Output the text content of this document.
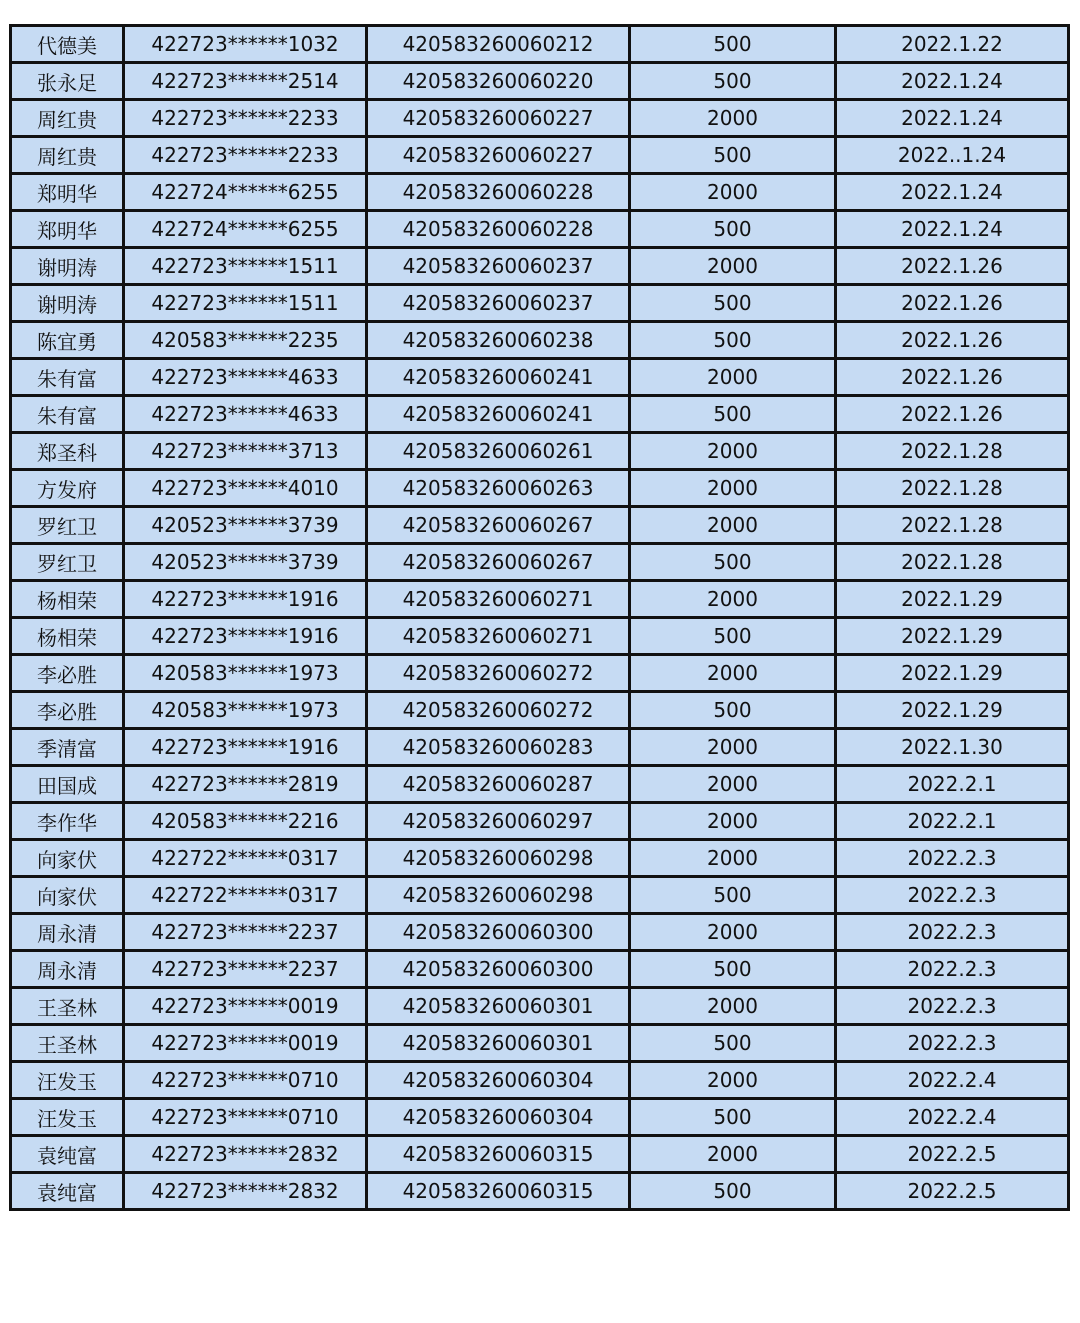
代德美	422723******1032	420583260060212	500	2022.1.22
张永足	422723******2514	420583260060220	500	2022.1.24
周红贵	422723******2233	420583260060227	2000	2022.1.24
周红贵	422723******2233	420583260060227	500	2022..1.24
郑明华	422724******6255	420583260060228	2000	2022.1.24
郑明华	422724******6255	420583260060228	500	2022.1.24
谢明涛	422723******1511	420583260060237	2000	2022.1.26
谢明涛	422723******1511	420583260060237	500	2022.1.26
陈宜勇	420583******2235	420583260060238	500	2022.1.26
朱有富	422723******4633	420583260060241	2000	2022.1.26
朱有富	422723******4633	420583260060241	500	2022.1.26
郑圣科	422723******3713	420583260060261	2000	2022.1.28
方发府	422723******4010	420583260060263	2000	2022.1.28
罗红卫	420523******3739	420583260060267	2000	2022.1.28
罗红卫	420523******3739	420583260060267	500	2022.1.28
杨相荣	422723******1916	420583260060271	2000	2022.1.29
杨相荣	422723******1916	420583260060271	500	2022.1.29
李必胜	420583******1973	420583260060272	2000	2022.1.29
李必胜	420583******1973	420583260060272	500	2022.1.29
季清富	422723******1916	420583260060283	2000	2022.1.30
田国成	422723******2819	420583260060287	2000	2022.2.1
李作华	420583******2216	420583260060297	2000	2022.2.1
向家伏	422722******0317	420583260060298	2000	2022.2.3
向家伏	422722******0317	420583260060298	500	2022.2.3
周永清	422723******2237	420583260060300	2000	2022.2.3
周永清	422723******2237	420583260060300	500	2022.2.3
王圣林	422723******0019	420583260060301	2000	2022.2.3
王圣林	422723******0019	420583260060301	500	2022.2.3
汪发玉	422723******0710	420583260060304	2000	2022.2.4
汪发玉	422723******0710	420583260060304	500	2022.2.4
袁纯富	422723******2832	420583260060315	2000	2022.2.5
袁纯富	422723******2832	420583260060315	500	2022.2.5
